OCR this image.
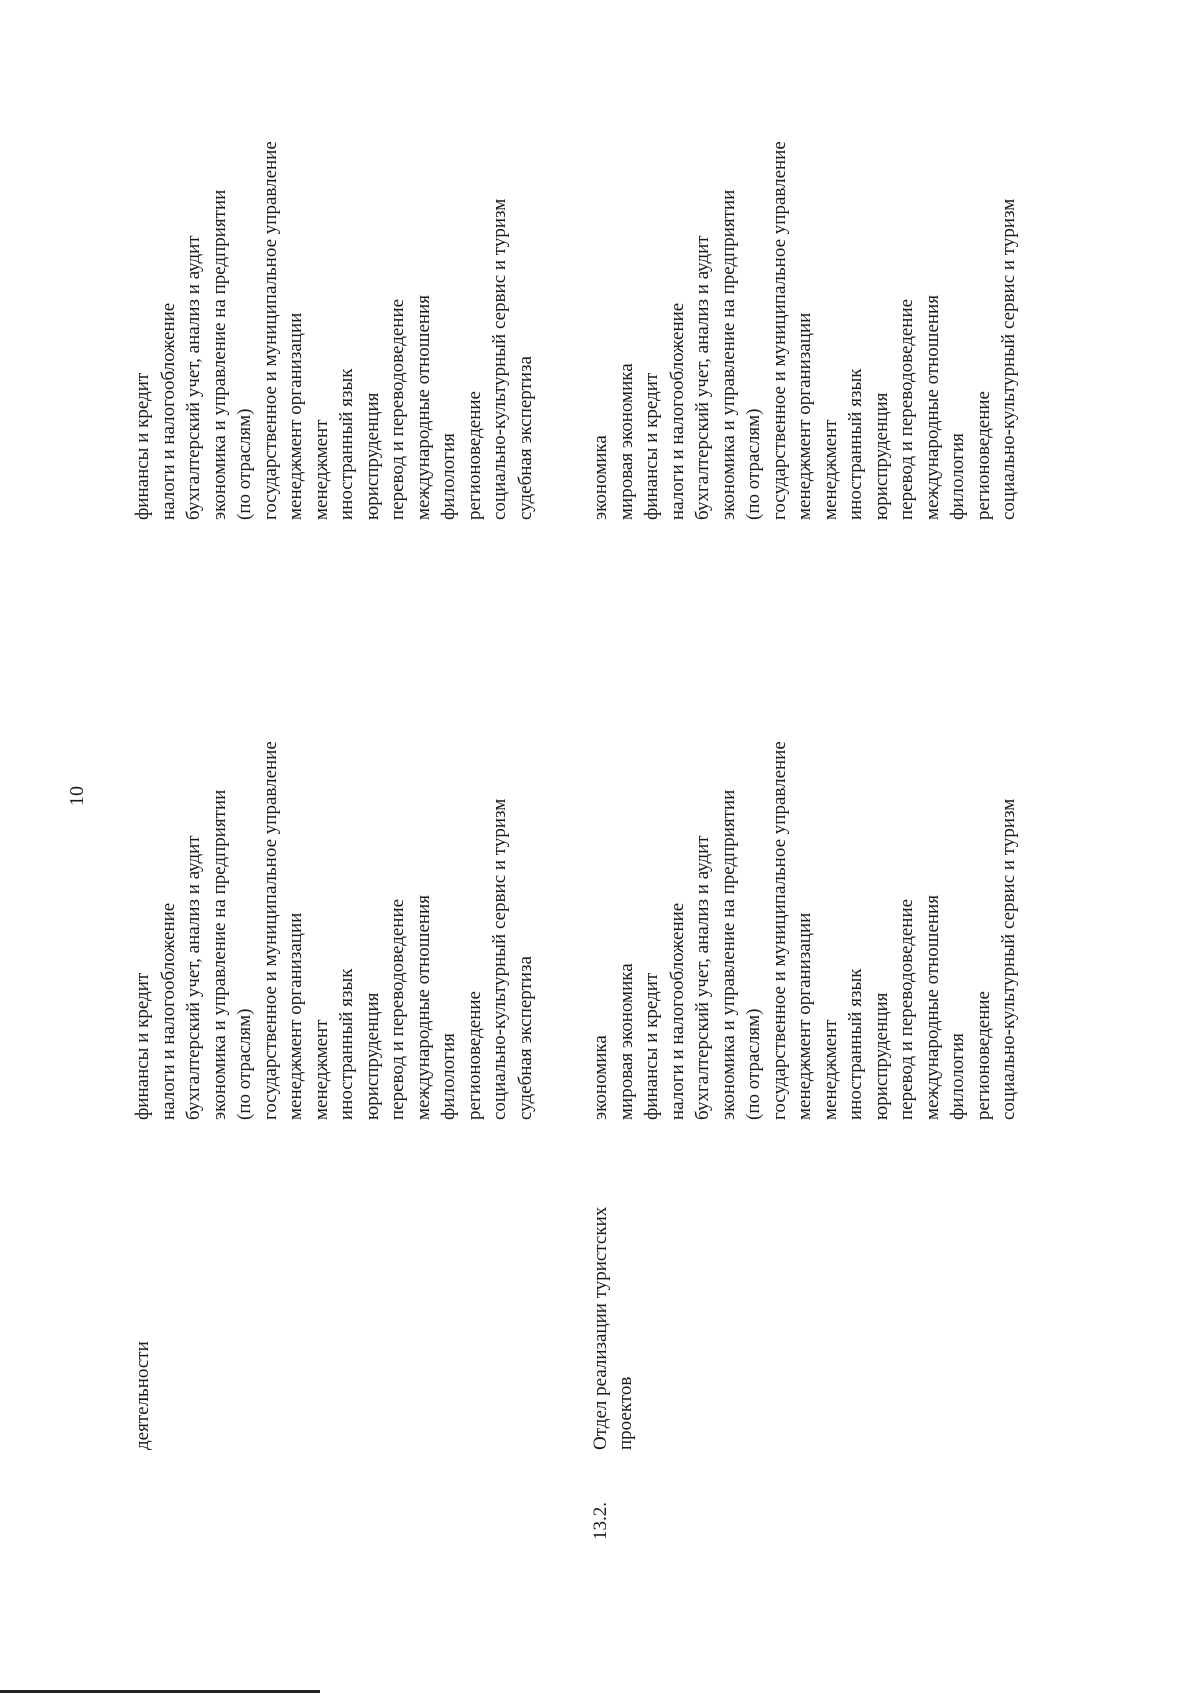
10
деятельности
финансы и кредит налоги и налогообложение бухгалтерский учет, анализ и аудит экономика и управление на предприятии (по отраслям) государственное и муниципальное управление менеджмент организации менеджмент иностранный язык юриспруденция перевод и переводоведение международные отношения филология регионоведение социально-культурный сервис и туризм судебная экспертиза
финансы и кредит налоги и налогообложение бухгалтерский учет, анализ и аудит экономика и управление на предприятии (по отраслям) государственное и муниципальное управление менеджмент организации менеджмент иностранный язык юриспруденция перевод и переводоведение международные отношения филология регионоведение социально-культурный сервис и туризм судебная экспертиза
13.2.
Отдел реализации туристских проектов
экономика мировая экономика финансы и кредит налоги и налогообложение бухгалтерский учет, анализ и аудит экономика и управление на предприятии (по отраслям) государственное и муниципальное управление менеджмент организации менеджмент иностранный язык юриспруденция перевод и переводоведение международные отношения филология регионоведение социально-культурный сервис и туризм
экономика мировая экономика финансы и кредит налоги и налогообложение бухгалтерский учет, анализ и аудит экономика и управление на предприятии (по отраслям) государственное и муниципальное управление менеджмент организации менеджмент иностранный язык юриспруденция перевод и переводоведение международные отношения филология регионоведение социально-культурный сервис и туризм
